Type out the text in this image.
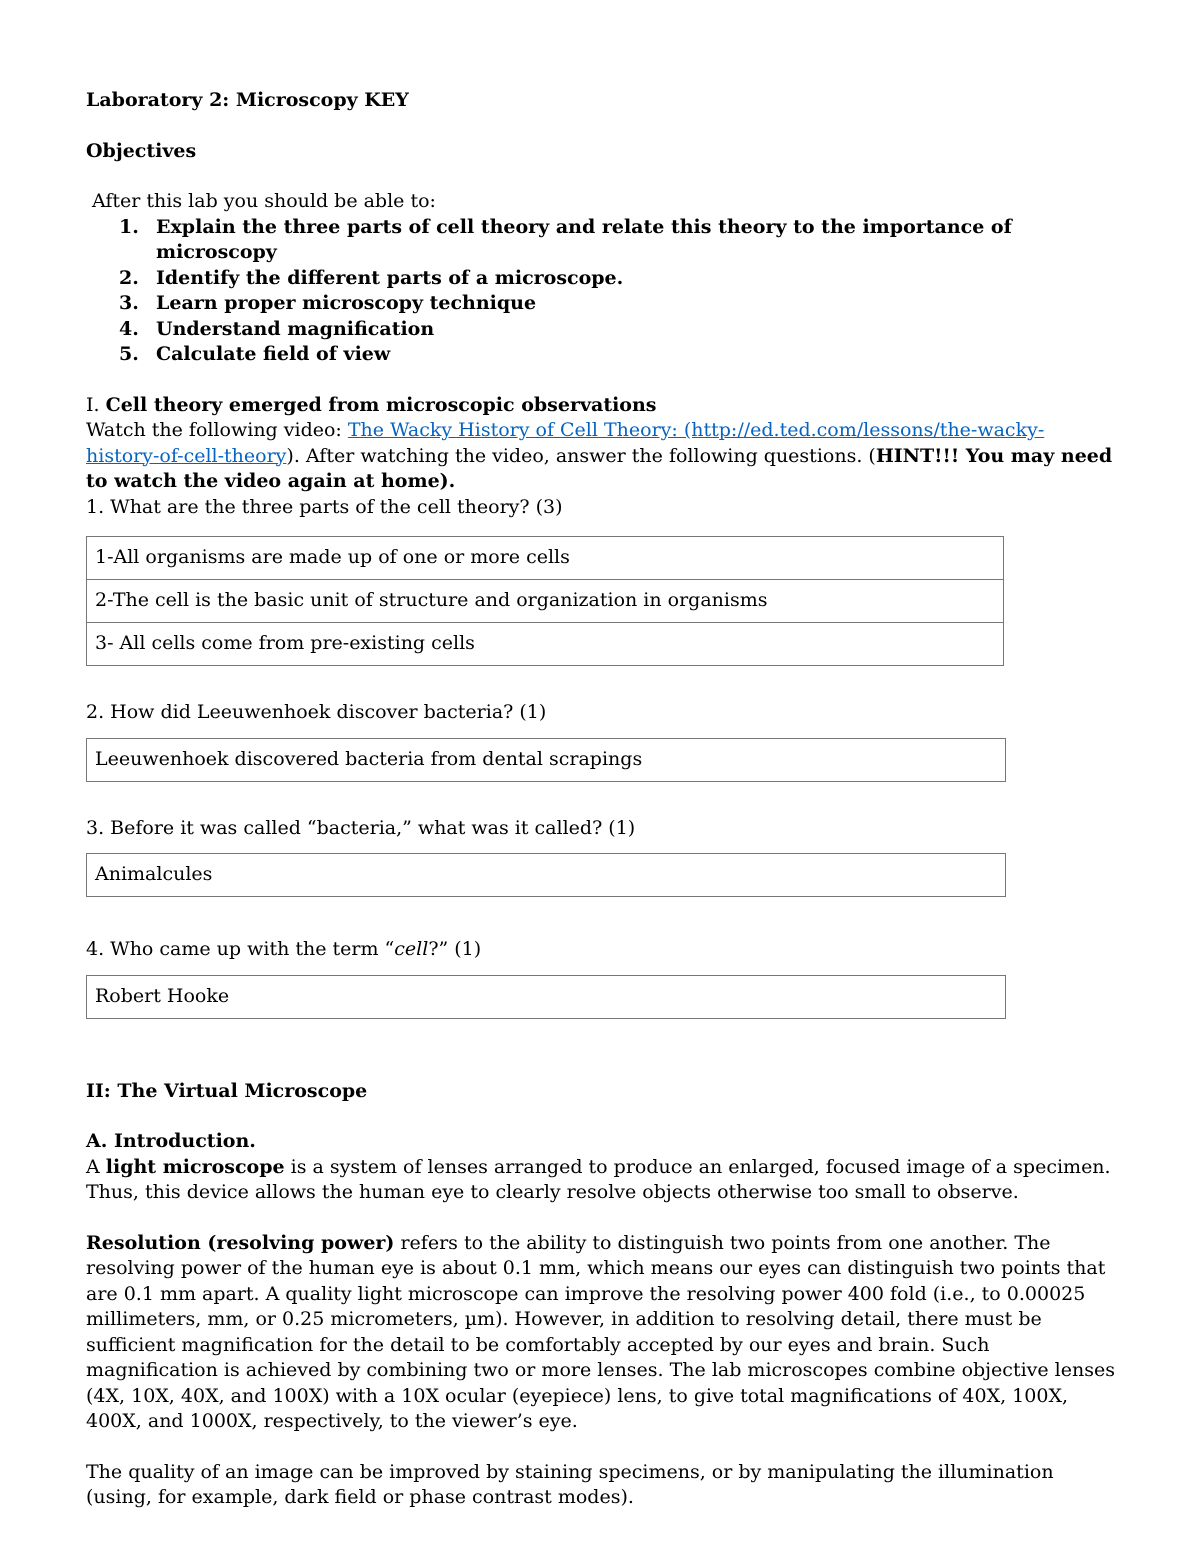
Laboratory 2: Microscopy KEY

Objectives

After this lab you should be able to:

1. Explain the three parts of cell theory and relate this theory to the importance of microscopy
2. Identify the different parts of a microscope.
3. Learn proper microscopy technique
4. Understand magnification
5. Calculate field of view

I. Cell theory emerged from microscopic observations

Watch the following video: The Wacky History of Cell Theory: (http://ed.ted.com/lessons/the-wacky-history-of-cell-theory). After watching the video, answer the following questions. (HINT!!! You may need to watch the video again at home).

1. What are the three parts of the cell theory? (3)

1-All organisms are made up of one or more cells
2-The cell is the basic unit of structure and organization in organisms
3- All cells come from pre-existing cells

2. How did Leeuwenhoek discover bacteria? (1)

Leeuwenhoek discovered bacteria from dental scrapings

3. Before it was called “bacteria,” what was it called? (1)

Animalcules

4. Who came up with the term “cell?” (1)

Robert Hooke

II: The Virtual Microscope

A. Introduction.

A light microscope is a system of lenses arranged to produce an enlarged, focused image of a specimen. Thus, this device allows the human eye to clearly resolve objects otherwise too small to observe.

Resolution (resolving power) refers to the ability to distinguish two points from one another. The resolving power of the human eye is about 0.1 mm, which means our eyes can distinguish two points that are 0.1 mm apart. A quality light microscope can improve the resolving power 400 fold (i.e., to 0.00025 millimeters, mm, or 0.25 micrometers, µm). However, in addition to resolving detail, there must be sufficient magnification for the detail to be comfortably accepted by our eyes and brain. Such magnification is achieved by combining two or more lenses. The lab microscopes combine objective lenses (4X, 10X, 40X, and 100X) with a 10X ocular (eyepiece) lens, to give total magnifications of 40X, 100X, 400X, and 1000X, respectively, to the viewer’s eye.

The quality of an image can be improved by staining specimens, or by manipulating the illumination (using, for example, dark field or phase contrast modes).
